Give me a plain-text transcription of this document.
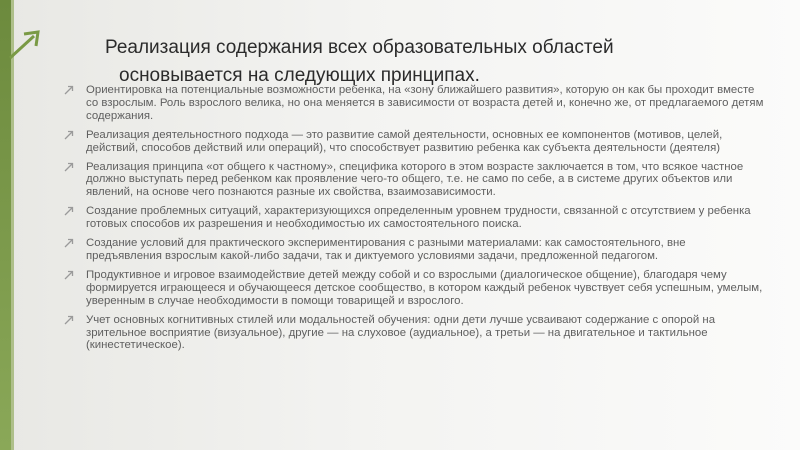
Реализация содержания всех образовательных областей
основывается на следующих принципах.
Ориентировка на потенциальные возможности ребенка, на «зону ближайшего развития», которую он как бы проходит вместе со взрослым. Роль взрослого велика, но она меняется в зависимости от возраста детей и, конечно же, от предлагаемого детям содержания.
Реализация деятельностного подхода — это развитие самой деятельности, основных ее компонентов (мотивов, целей, действий, способов действий или операций), что способствует развитию ребенка как субъекта деятельности (деятеля)
Реализация принципа «от общего к частному», специфика которого в этом возрасте заключается в том, что всякое частное должно выступать перед ребенком как проявление чего-то общего, т.е. не само по себе, а в системе других объектов или явлений, на основе чего познаются разные их свойства, взаимозависимости.
Создание проблемных ситуаций, характеризующихся определенным уровнем трудности, связанной с отсутствием у ребенка готовых способов их разрешения и необходимостью их самостоятельного поиска.
Создание условий для практического экспериментирования с разными материалами: как самостоятельного, вне предъявления взрослым какой-либо задачи, так и диктуемого условиями задачи, предложенной педагогом.
Продуктивное и игровое взаимодействие детей между собой и со взрослыми (диалогическое общение), благодаря чему формируется играющееся и обучающееся детское сообщество, в котором каждый ребенок чувствует себя успешным, умелым, уверенным в случае необходимости в помощи товарищей и взрослого.
Учет основных когнитивных стилей или модальностей обучения: одни дети лучше усваивают содержание с опорой на зрительное восприятие (визуальное), другие — на слуховое (аудиальное), а третьи — на двигательное и тактильное (кинестетическое).
